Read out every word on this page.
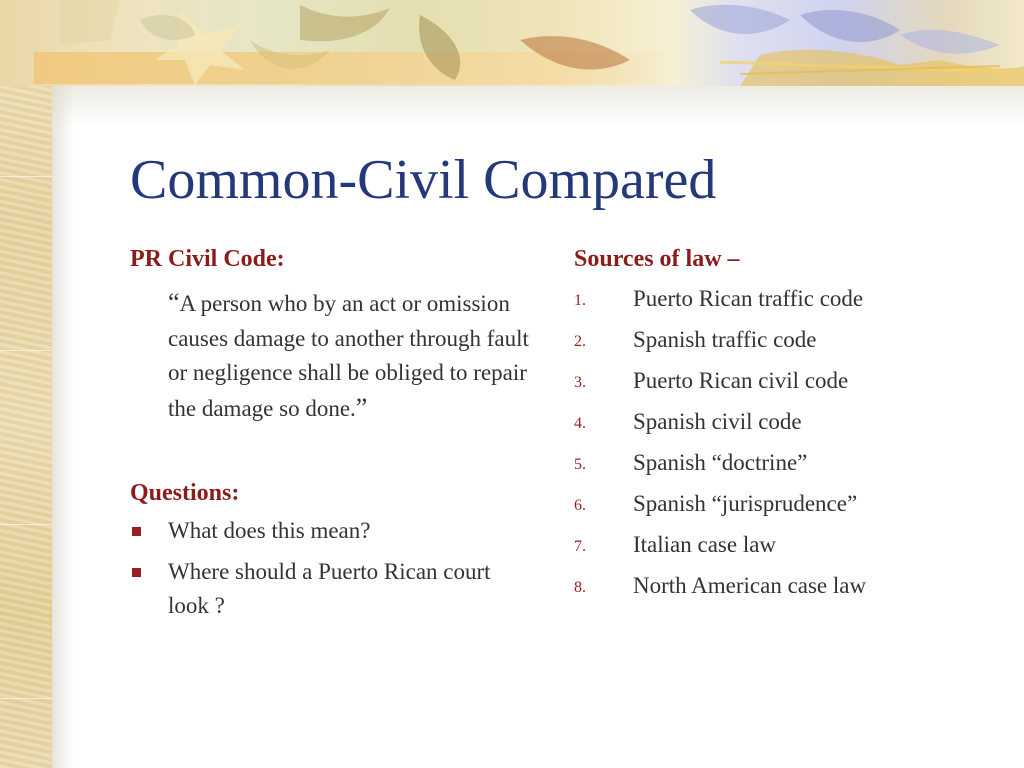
Common-Civil Compared
PR Civil Code:
“A person who by an act or omission causes damage to another through fault or negligence shall be obliged to repair the damage so done.”
Questions:
What does this mean?
Where should a Puerto Rican court look ?
Sources of law –
1. Puerto Rican traffic code
2. Spanish traffic code
3. Puerto Rican civil code
4. Spanish civil code
5. Spanish “doctrine”
6. Spanish “jurisprudence”
7. Italian case law
8. North American case law
